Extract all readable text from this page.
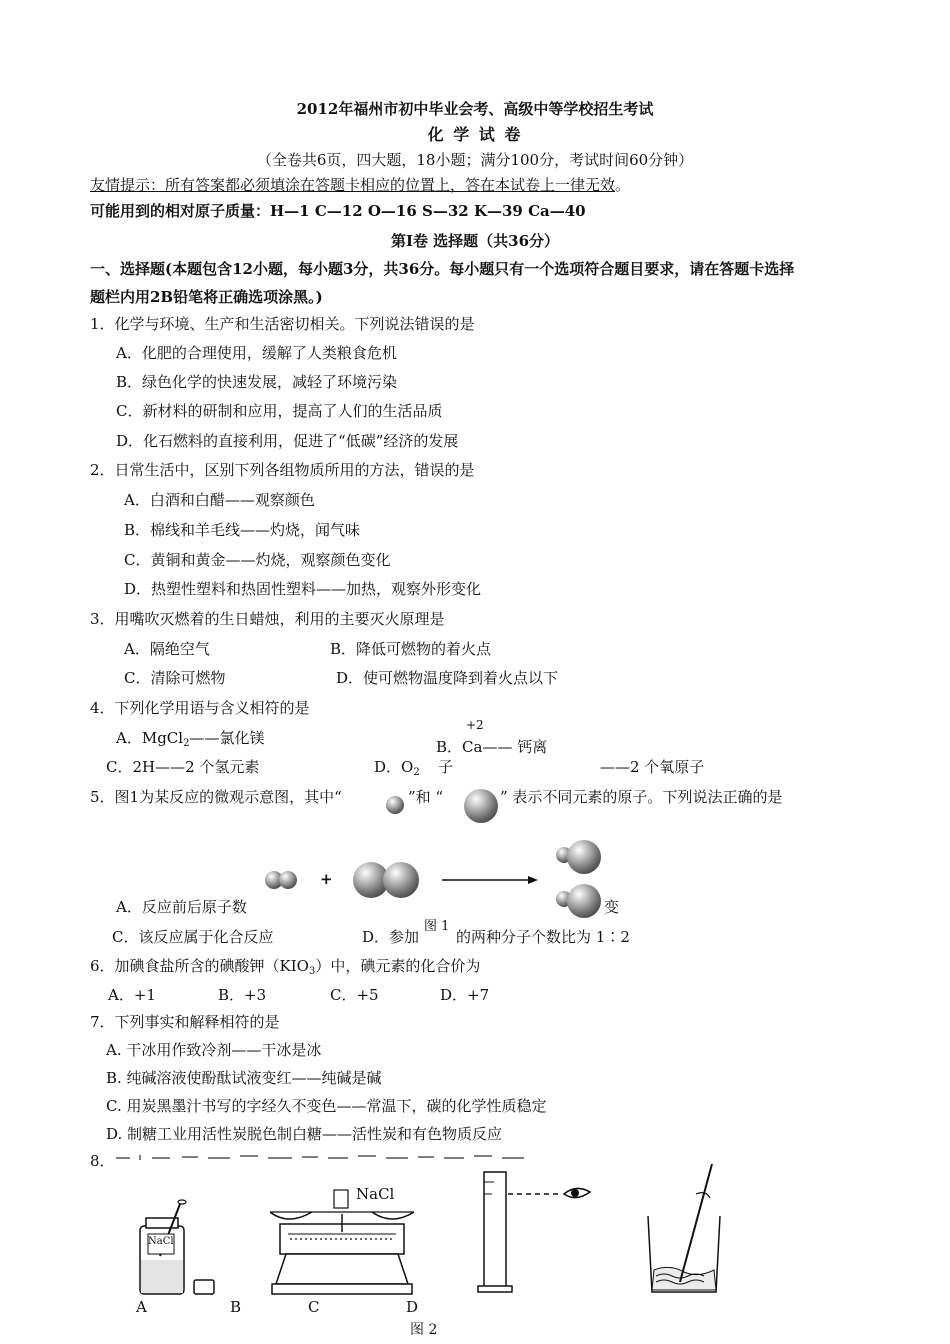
2012年福州市初中毕业会考、高级中等学校招生考试
化 学 试 卷
（全卷共6页，四大题，18小题；满分100分，考试时间60分钟）
友情提示：所有答案都必须填涂在答题卡相应的位置上，答在本试卷上一律无效。
可能用到的相对原子质量：H—1 C—12 O—16 S—32 K—39 Ca—40
第Ⅰ卷 选择题（共36分）
一、选择题(本题包含12小题，每小题3分，共36分。每小题只有一个选项符合题目要求，请在答题卡选择
题栏内用2B铅笔将正确选项涂黑。)
1．化学与环境、生产和生活密切相关。下列说法错误的是
A．化肥的合理使用，缓解了人类粮食危机
B．绿色化学的快速发展，减轻了环境污染
C．新材料的研制和应用，提高了人们的生活品质
D．化石燃料的直接利用，促进了“低碳”经济的发展
2．日常生活中，区别下列各组物质所用的方法，错误的是
A．白酒和白醋——观察颜色
B．棉线和羊毛线——灼烧，闻气味
C．黄铜和黄金——灼烧，观察颜色变化
D．热塑性塑料和热固性塑料——加热，观察外形变化
3．用嘴吹灭燃着的生日蜡烛，利用的主要灭火原理是
A．隔绝空气	B．降低可燃物的着火点
C．清除可燃物	D．使可燃物温度降到着火点以下
4．下列化学用语与含义相符的是
A．MgCl$_2$——氯化镁
+2
B．Ca—— 钙离
C．2H——2 个氢元素	D．$O_2$ 子	——2 个氧原子
5．图1为某反应的微观示意图，其中“	”和 “	” 表示不同元素的原子。下列说法正确的是
+
A．反应前后原子数	变
图 1
C．该反应属于化合反应	D．参加 的两种分子个数比为 1∶2
6．加碘食盐所含的碘酸钾$(KIO_3)$中，碘元素的化合价为
A．+1	B．+3	C．+5	D．+7
7．下列事实和解释相符的是
A. 干冰用作致冷剂——干冰是冰
B. 纯碱溶液使酚酞试液变红——纯碱是碱
C. 用炭黑墨汁书写的字经久不变色——常温下，碳的化学性质稳定
D. 制糖工业用活性炭脱色制白糖——活性炭和有色物质反应
8．
NaCl
NaCl
A	B	C	D
图 2
